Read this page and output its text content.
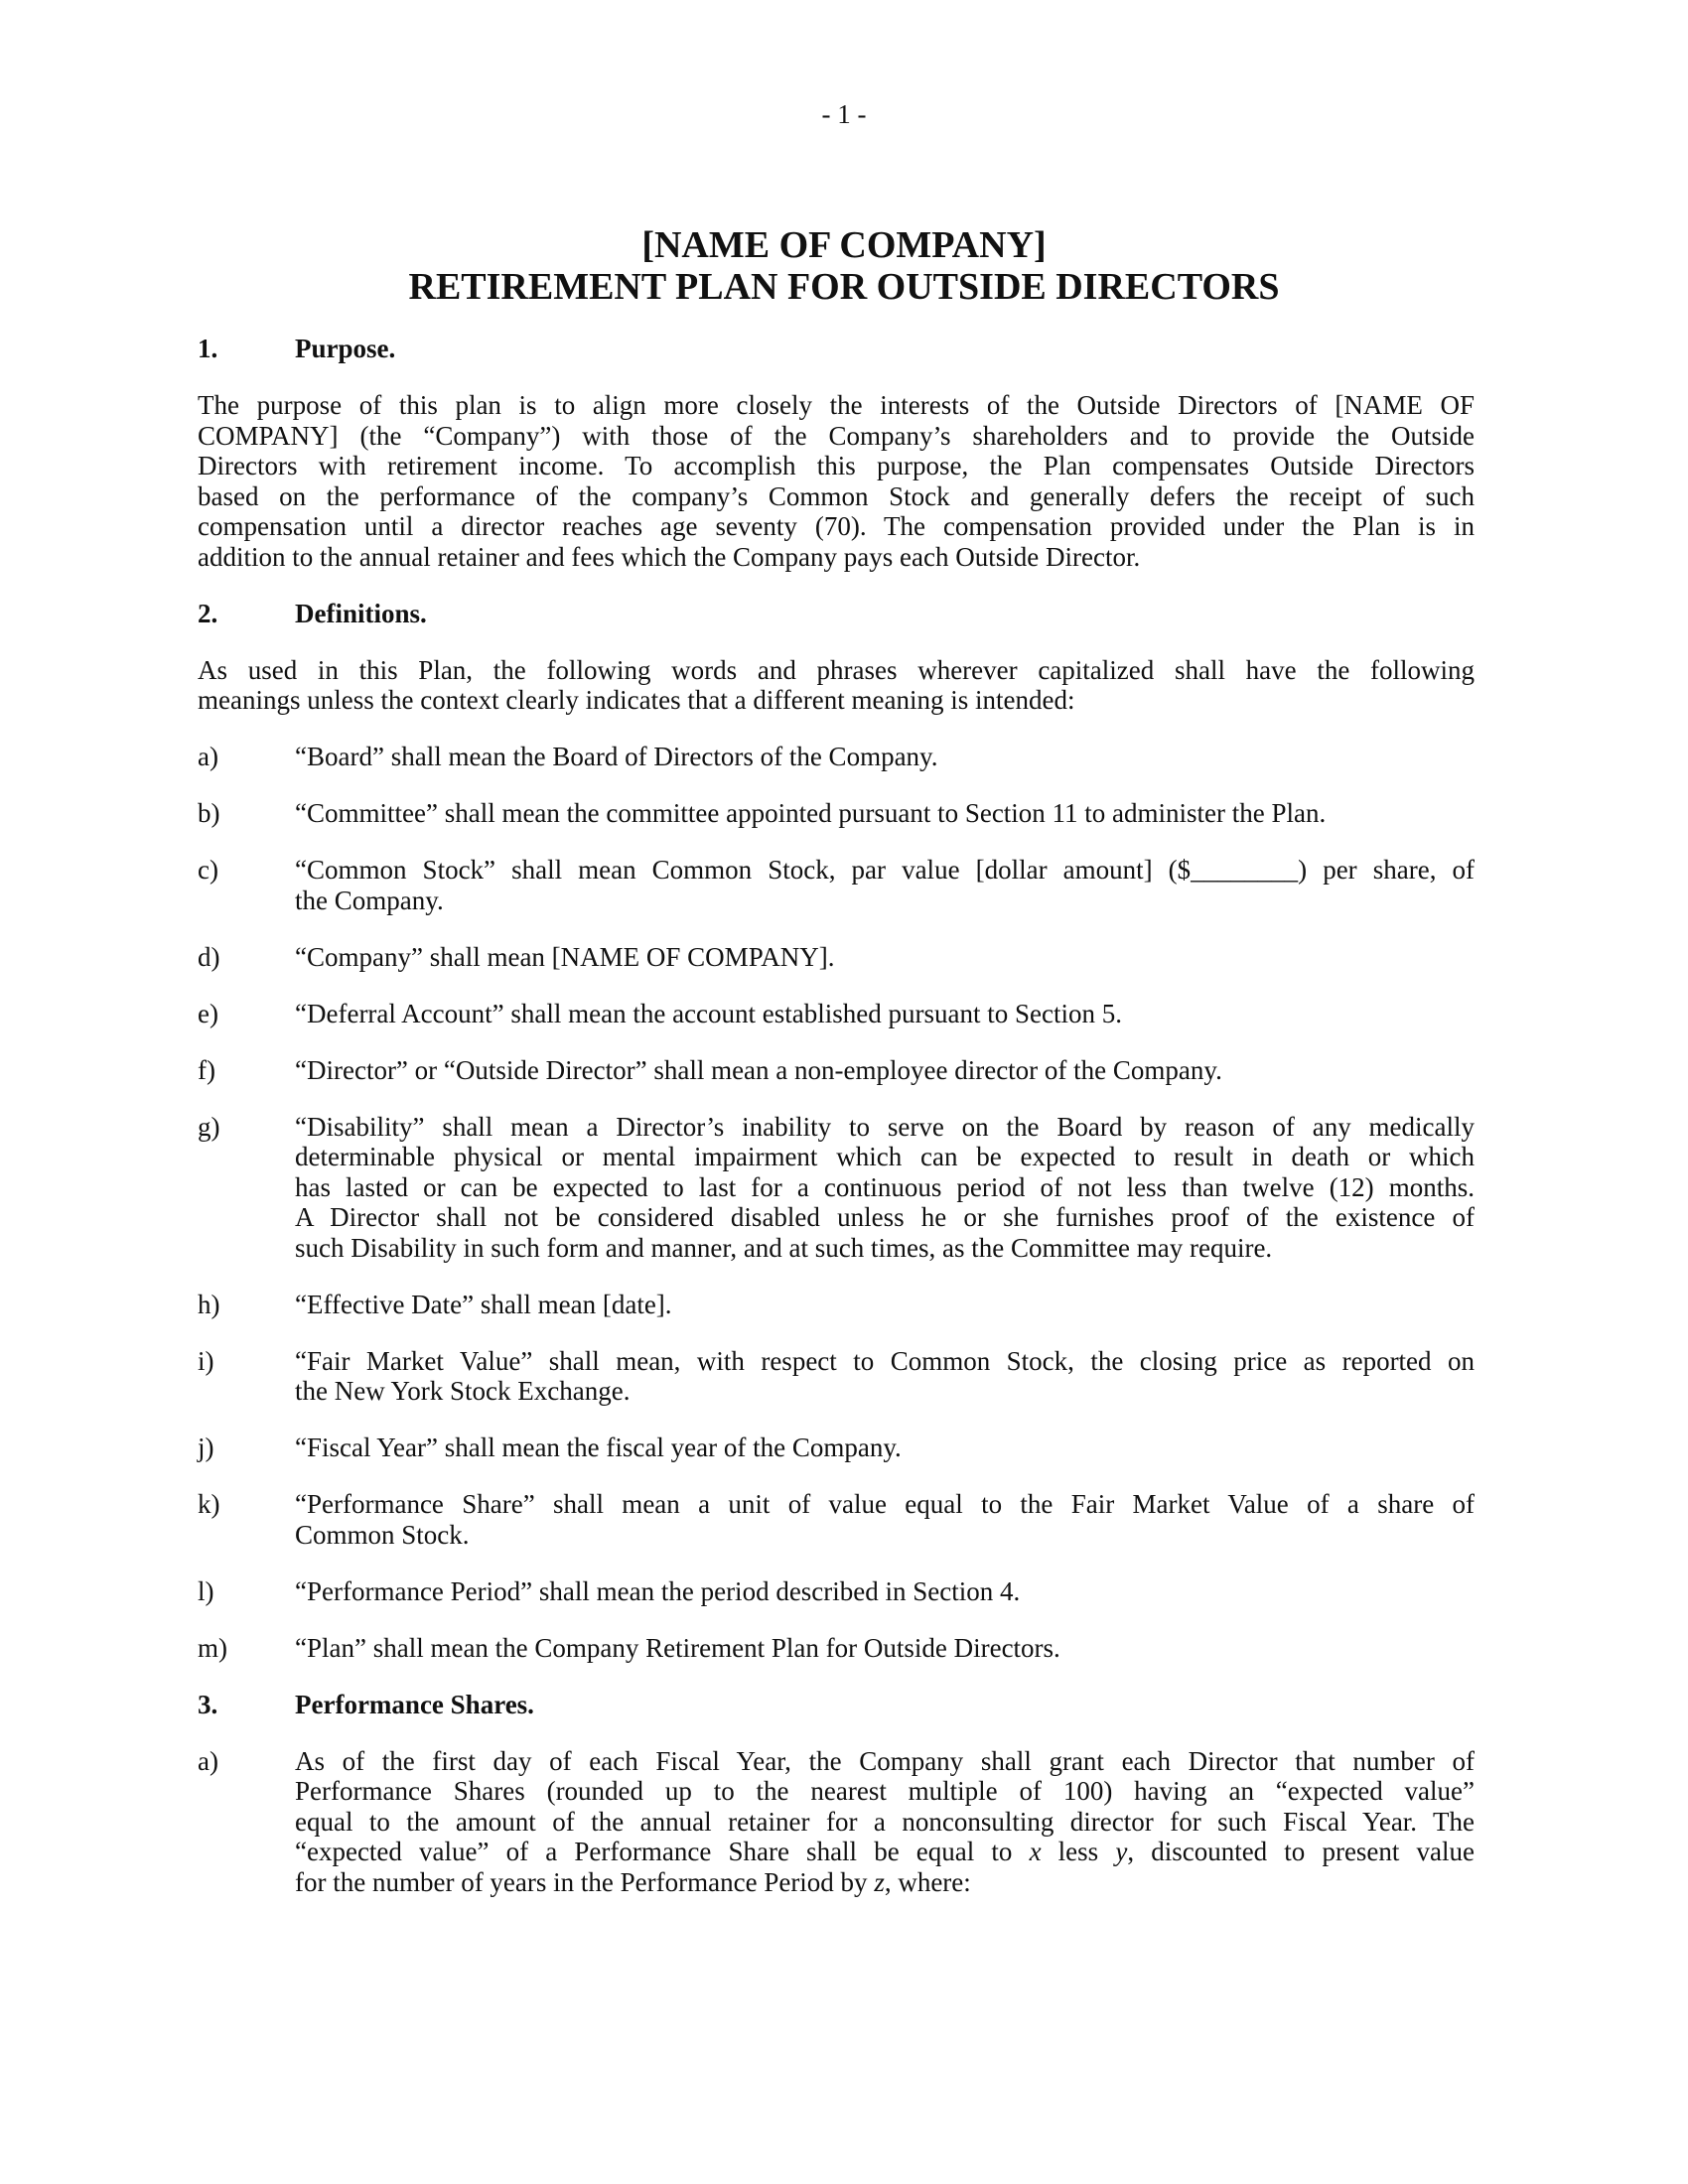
- 1 -
[NAME OF COMPANY]
RETIREMENT PLAN FOR OUTSIDE DIRECTORS
1.	Purpose.
The purpose of this plan is to align more closely the interests of the Outside Directors of [NAME OF
COMPANY] (the “Company”) with those of the Company’s shareholders and to provide the Outside
Directors with retirement income. To accomplish this purpose, the Plan compensates Outside Directors
based on the performance of the company’s Common Stock and generally defers the receipt of such
compensation until a director reaches age seventy (70). The compensation provided under the Plan is in
addition to the annual retainer and fees which the Company pays each Outside Director.
2.	Definitions.
As used in this Plan, the following words and phrases wherever capitalized shall have the following
meanings unless the context clearly indicates that a different meaning is intended:
a)	“Board” shall mean the Board of Directors of the Company.
b)	“Committee” shall mean the committee appointed pursuant to Section 11 to administer the Plan.
c)	“Common Stock” shall mean Common Stock, par value [dollar amount] ($________) per share, of
the Company.
d)	“Company” shall mean [NAME OF COMPANY].
e)	“Deferral Account” shall mean the account established pursuant to Section 5.
f)	“Director” or “Outside Director” shall mean a non-employee director of the Company.
g)	“Disability” shall mean a Director’s inability to serve on the Board by reason of any medically
determinable physical or mental impairment which can be expected to result in death or which
has lasted or can be expected to last for a continuous period of not less than twelve (12) months.
A Director shall not be considered disabled unless he or she furnishes proof of the existence of
such Disability in such form and manner, and at such times, as the Committee may require.
h)	“Effective Date” shall mean [date].
i)	“Fair Market Value” shall mean, with respect to Common Stock, the closing price as reported on
the New York Stock Exchange.
j)	“Fiscal Year” shall mean the fiscal year of the Company.
k)	“Performance Share” shall mean a unit of value equal to the Fair Market Value of a share of
Common Stock.
l)	“Performance Period” shall mean the period described in Section 4.
m)	“Plan” shall mean the Company Retirement Plan for Outside Directors.
3.	Performance Shares.
a)	As of the first day of each Fiscal Year, the Company shall grant each Director that number of
Performance Shares (rounded up to the nearest multiple of 100) having an “expected value”
equal to the amount of the annual retainer for a nonconsulting director for such Fiscal Year. The
“expected value” of a Performance Share shall be equal to x less y, discounted to present value
for the number of years in the Performance Period by z, where:
